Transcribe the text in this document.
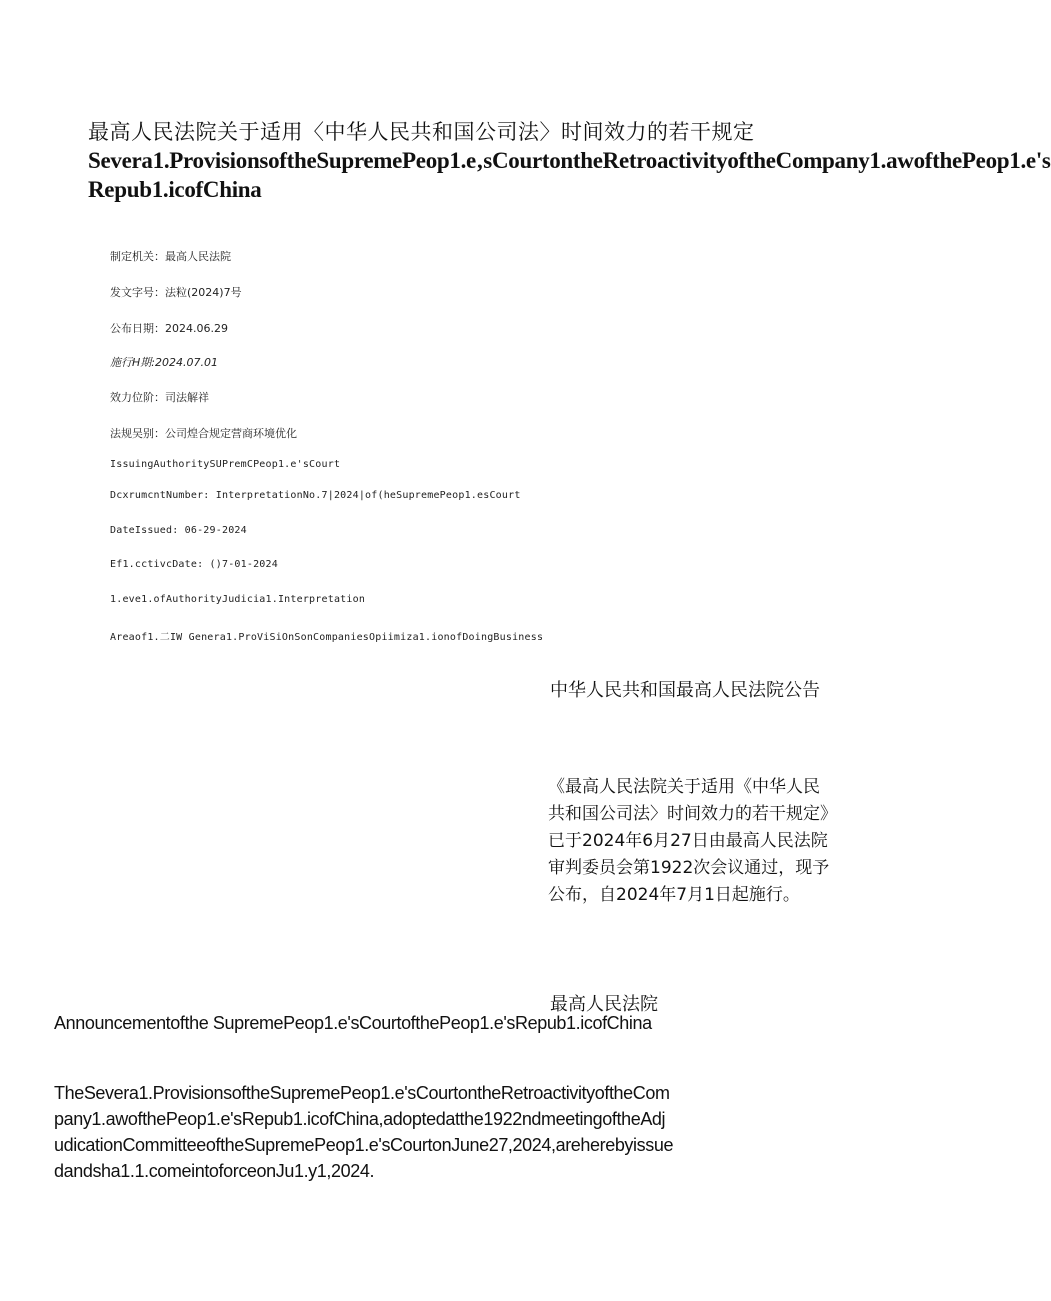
最高人民法院关于适用〈中华人民共和国公司法〉时间效力的若干规定
Severa1.ProvisionsoftheSupremePeop1.e‚sCourtontheRetroactivityoftheCompany1.awofthePeop1.e's Repub1.icofChina
制定机关：最高人民法院
发文字号：法粒(2024)7号
公布日期：2024.06.29
施行H期:2024.07.01
效力位阶：司法解祥
法规吴别：公司煌合规定营商环境优化
IssuingAuthoritySUPremCPeop1.e'sCourt
DcxrumcntNumber: InterpretationNo.7|2024|of(heSupremePeop1.esCourt
DateIssued: 06-29-2024
Ef1.cctivcDate: ()7-01-2024
1.eve1.ofAuthorityJudicia1.Interpretation
Areaof1.二IW Genera1.ProViSiOnSonCompaniesOpiimiza1.ionofDoingBusiness
中华人民共和国最高人民法院公告
《最高人民法院关于适用《中华人民
共和国公司法〉时间效力的若干规定》
已于2024年6月27日由最高人民法院
审判委员会第1922次会议通过，现予
公布，自2024年7月1日起施行。
最高人民法院
Announcementofthe SupremePeop1.e'sCourtofthePeop1.e'sRepub1.icofChina
TheSevera1.ProvisionsoftheSupremePeop1.e'sCourtontheRetroactivityoftheCom
pany1.awofthePeop1.e'sRepub1.icofChina,adoptedatthe1922ndmeetingoftheAdj
udicationCommitteeoftheSupremePeop1.e'sCourtonJune27,2024,areherebyissue
dandsha1.1.comeintoforceonJu1.y1,2024.
